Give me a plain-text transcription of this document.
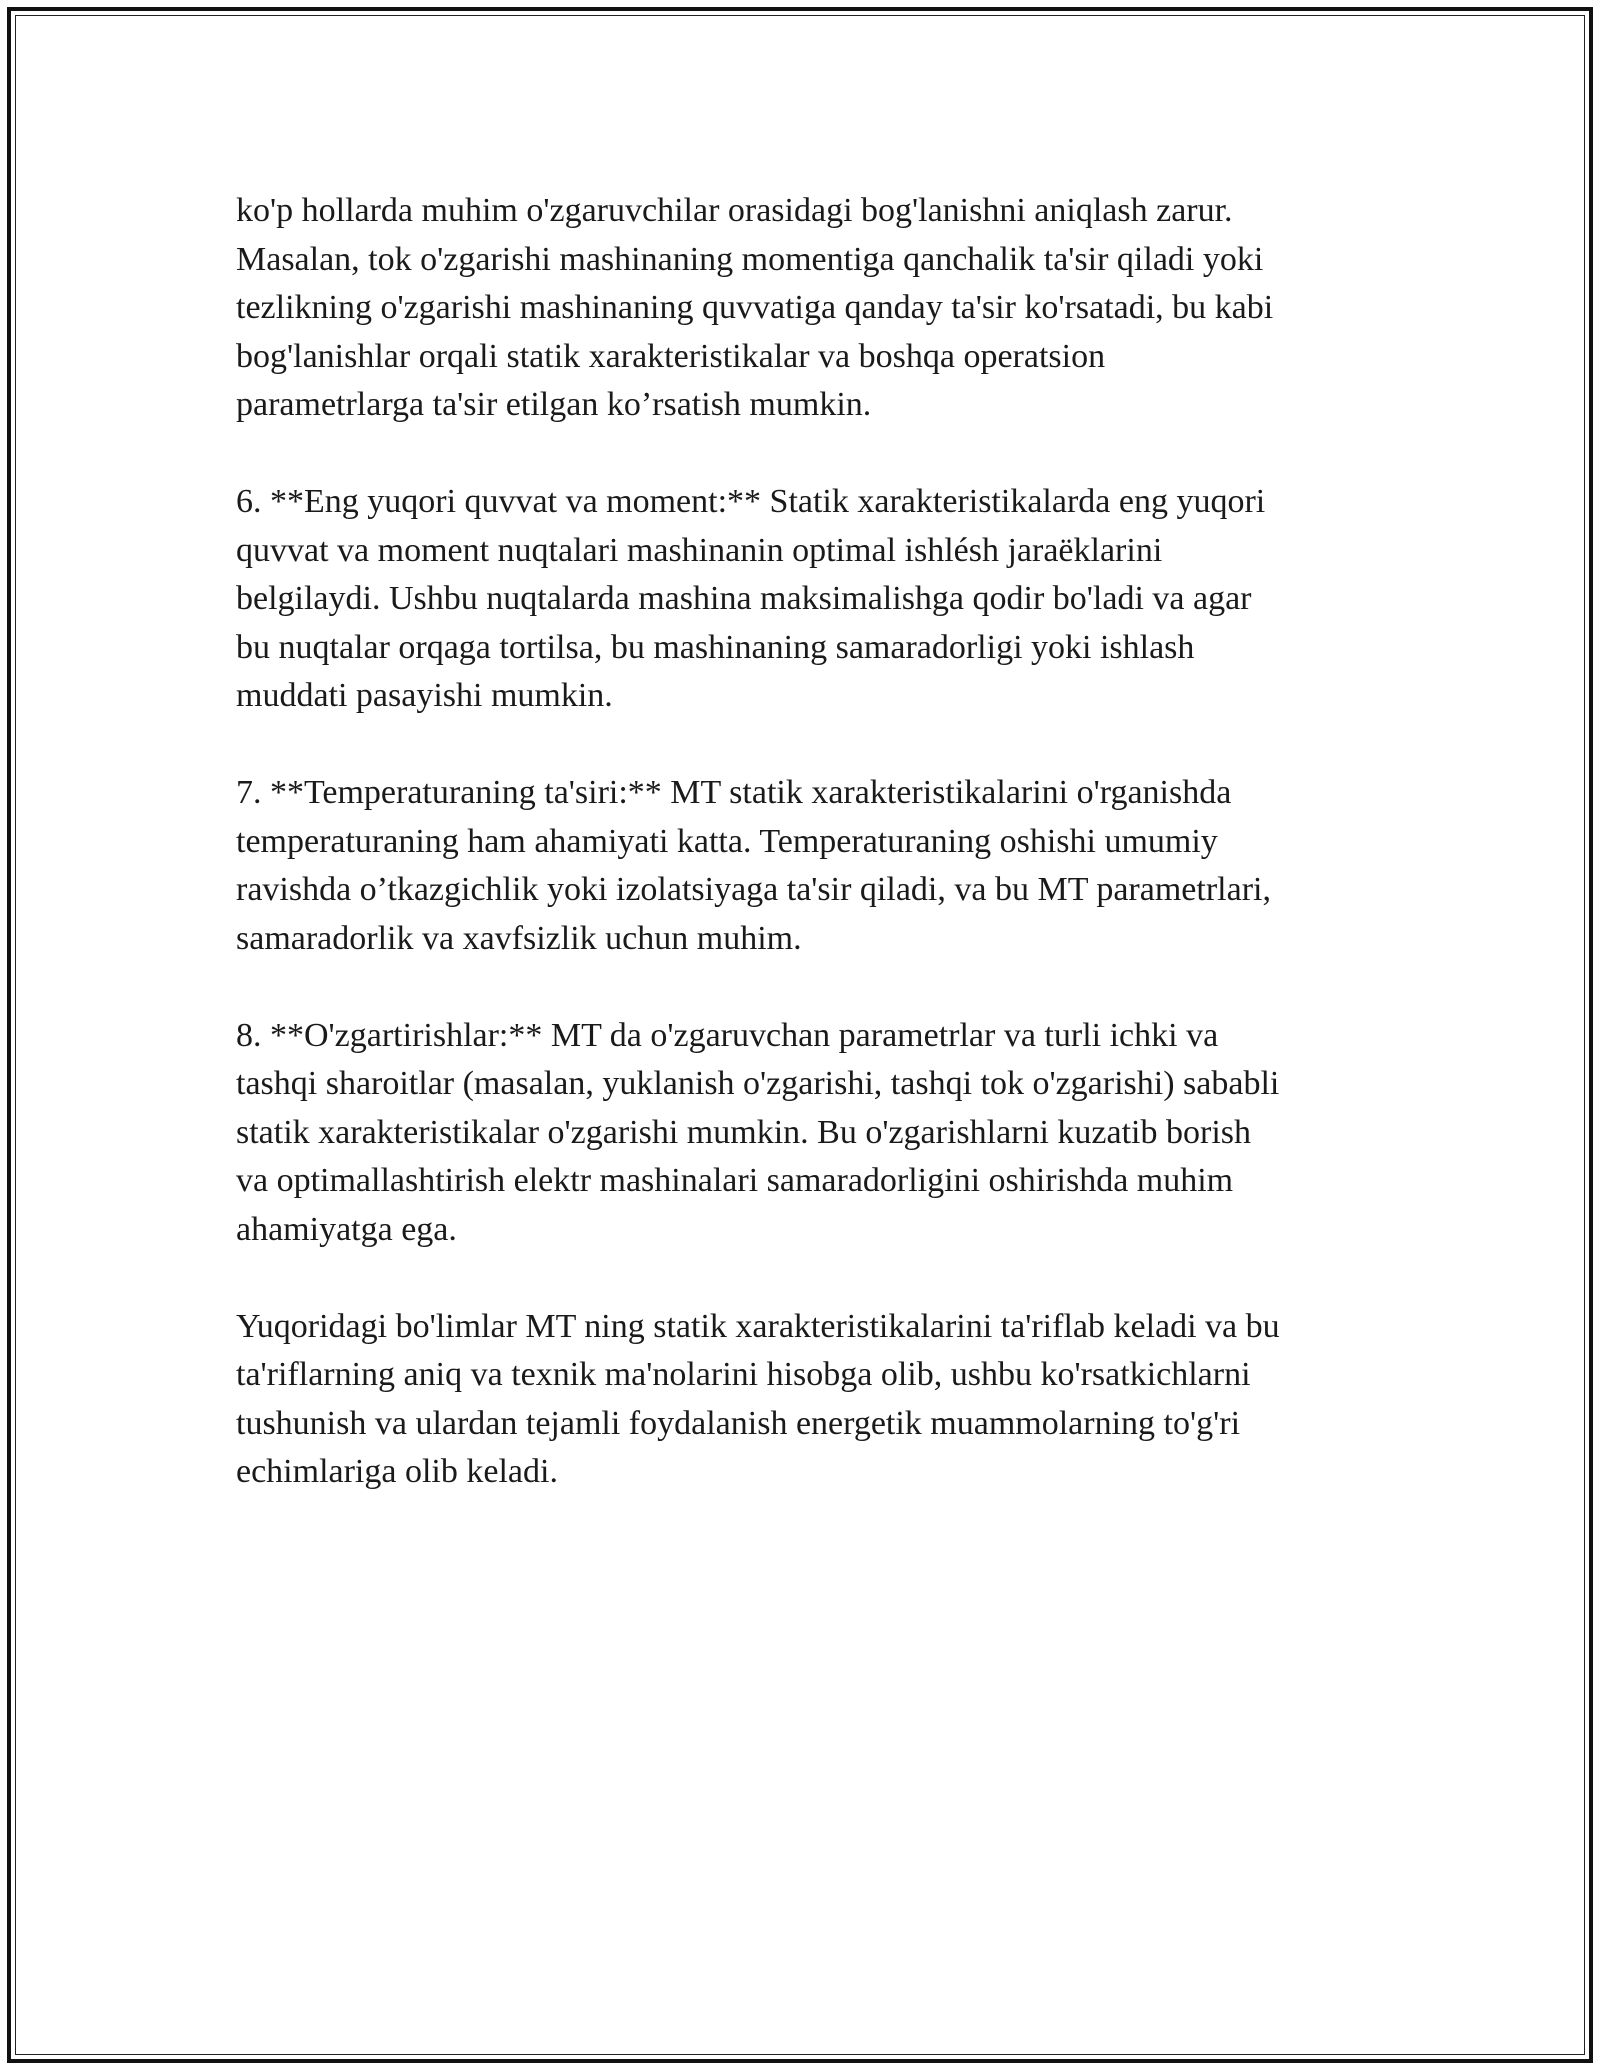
ko'p hollarda muhim o'zgaruvchilar orasidagi bog'lanishni aniqlash zarur.
Masalan, tok o'zgarishi mashinaning momentiga qanchalik ta'sir qiladi yoki
tezlikning o'zgarishi mashinaning quvvatiga qanday ta'sir ko'rsatadi, bu kabi
bog'lanishlar orqali statik xarakteristikalar va boshqa operatsion
parametrlarga ta'sir etilgan ko’rsatish mumkin.

6. **Eng yuqori quvvat va moment:** Statik xarakteristikalarda eng yuqori
quvvat va moment nuqtalari mashinanin optimal ishlésh jaraëklarini
belgilaydi. Ushbu nuqtalarda mashina maksimalishga qodir bo'ladi va agar
bu nuqtalar orqaga tortilsa, bu mashinaning samaradorligi yoki ishlash
muddati pasayishi mumkin.

7. **Temperaturaning ta'siri:** MT statik xarakteristikalarini o'rganishda
temperaturaning ham ahamiyati katta. Temperaturaning oshishi umumiy
ravishda o’tkazgichlik yoki izolatsiyaga ta'sir qiladi, va bu MT parametrlari,
samaradorlik va xavfsizlik uchun muhim.

8. **O'zgartirishlar:** MT da o'zgaruvchan parametrlar va turli ichki va
tashqi sharoitlar (masalan, yuklanish o'zgarishi, tashqi tok o'zgarishi) sababli
statik xarakteristikalar o'zgarishi mumkin. Bu o'zgarishlarni kuzatib borish
va optimallashtirish elektr mashinalari samaradorligini oshirishda muhim
ahamiyatga ega.

Yuqoridagi bo'limlar MT ning statik xarakteristikalarini ta'riflab keladi va bu
ta'riflarning aniq va texnik ma'nolarini hisobga olib, ushbu ko'rsatkichlarni
tushunish va ulardan tejamli foydalanish energetik muammolarning to'g'ri
echimlariga olib keladi.
